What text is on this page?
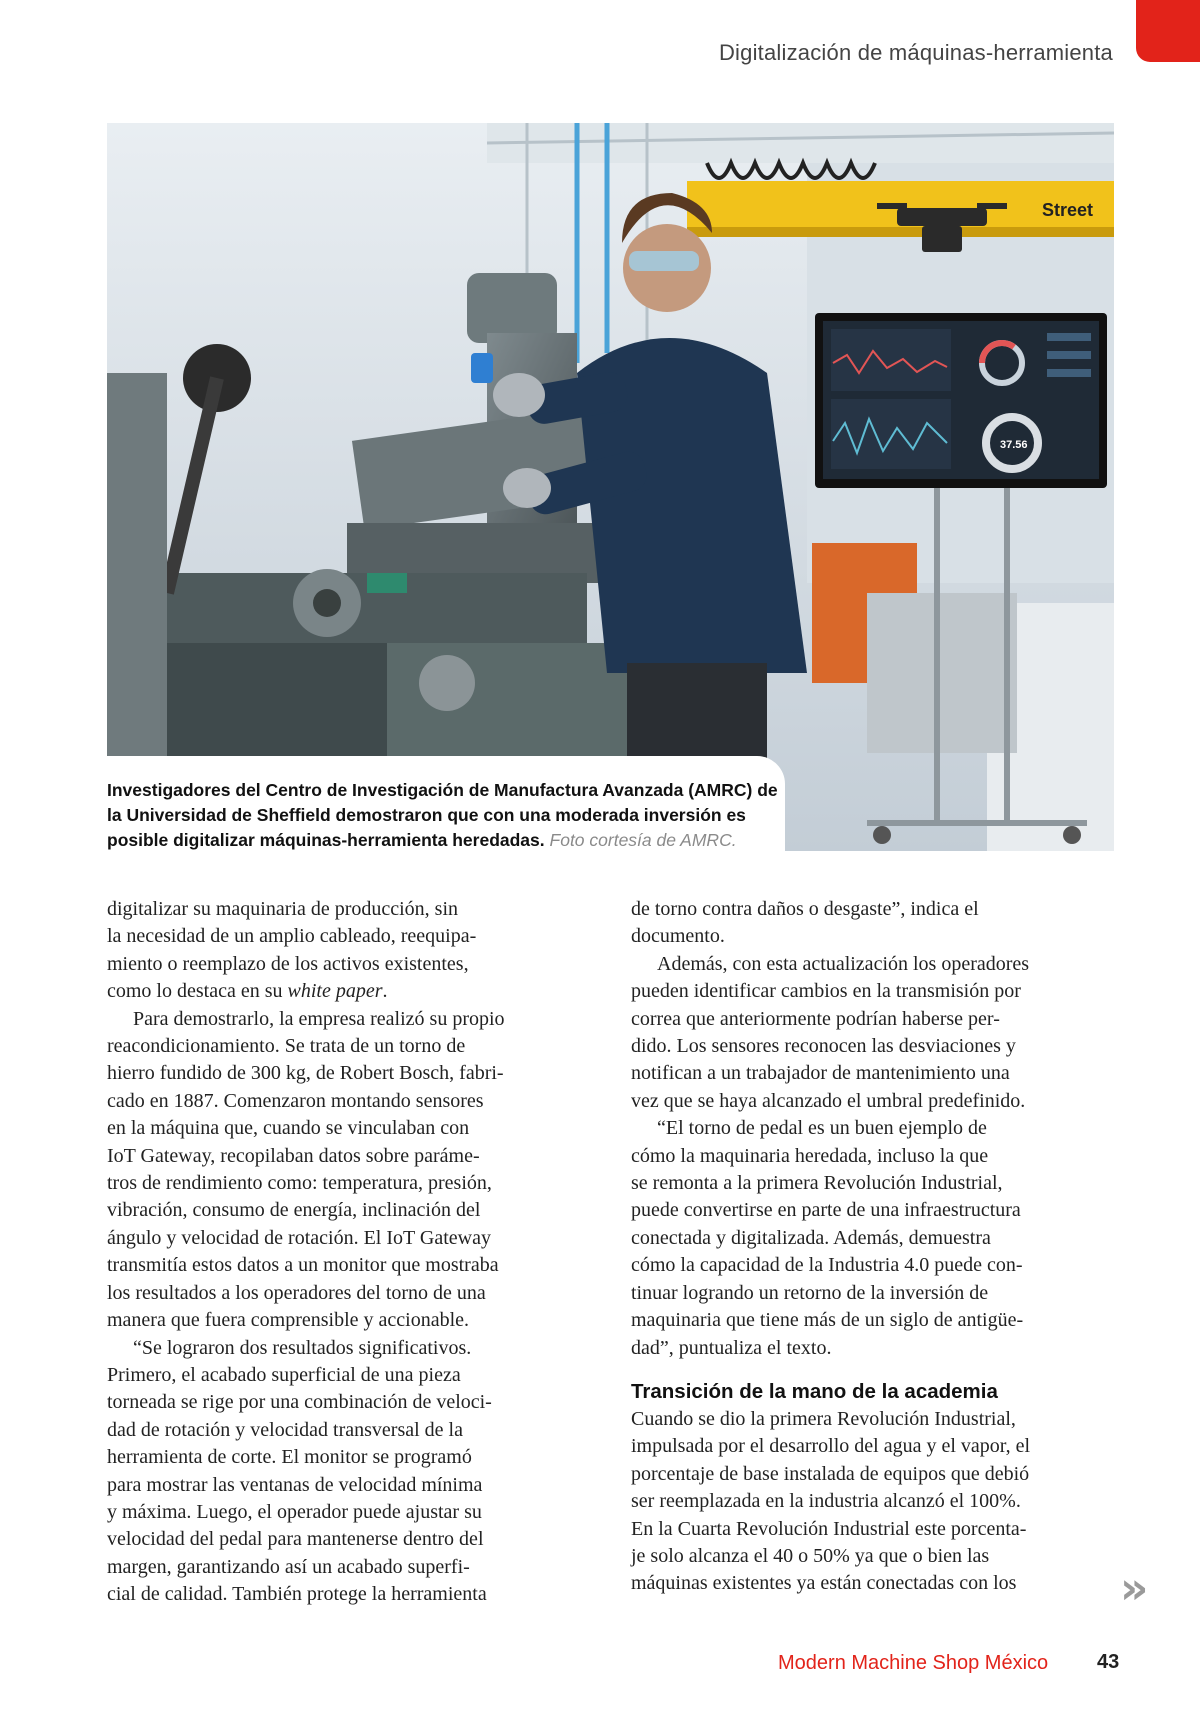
Digitalización de máquinas-herramienta
Street
37.56
Investigadores del Centro de Investigación de Manufactura Avanzada (AMRC) de
la Universidad de Sheffield demostraron que con una moderada inversión es
posible digitalizar máquinas-herramienta heredadas. Foto cortesía de AMRC.

digitalizar su maquinaria de producción, sin
la necesidad de un amplio cableado, reequipa-
miento o reemplazo de los activos existentes,
como lo destaca en su white paper.

Para demostrarlo, la empresa realizó su propio
reacondicionamiento. Se trata de un torno de
hierro fundido de 300 kg, de Robert Bosch, fabri-
cado en 1887. Comenzaron montando sensores
en la máquina que, cuando se vinculaban con
IoT Gateway, recopilaban datos sobre paráme-
tros de rendimiento como: temperatura, presión,
vibración, consumo de energía, inclinación del
ángulo y velocidad de rotación. El IoT Gateway
transmitía estos datos a un monitor que mostraba
los resultados a los operadores del torno de una
manera que fuera comprensible y accionable.

“Se lograron dos resultados significativos.
Primero, el acabado superficial de una pieza
torneada se rige por una combinación de veloci-
dad de rotación y velocidad transversal de la
herramienta de corte. El monitor se programó
para mostrar las ventanas de velocidad mínima
y máxima. Luego, el operador puede ajustar su
velocidad del pedal para mantenerse dentro del
margen, garantizando así un acabado superfi-
cial de calidad. También protege la herramienta

de torno contra daños o desgaste”, indica el
documento.

Además, con esta actualización los operadores
pueden identificar cambios en la transmisión por
correa que anteriormente podrían haberse per-
dido. Los sensores reconocen las desviaciones y
notifican a un trabajador de mantenimiento una
vez que se haya alcanzado el umbral predefinido.

“El torno de pedal es un buen ejemplo de
cómo la maquinaria heredada, incluso la que
se remonta a la primera Revolución Industrial,
puede convertirse en parte de una infraestructura
conectada y digitalizada. Además, demuestra
cómo la capacidad de la Industria 4.0 puede con-
tinuar logrando un retorno de la inversión de
maquinaria que tiene más de un siglo de antigüe-
dad”, puntualiza el texto.

Transición de la mano de la academia

Cuando se dio la primera Revolución Industrial,
impulsada por el desarrollo del agua y el vapor, el
porcentaje de base instalada de equipos que debió
ser reemplazada en la industria alcanzó el 100%.
En la Cuarta Revolución Industrial este porcenta-
je solo alcanza el 40 o 50% ya que o bien las
máquinas existentes ya están conectadas con los	»
Modern Machine Shop México 43
